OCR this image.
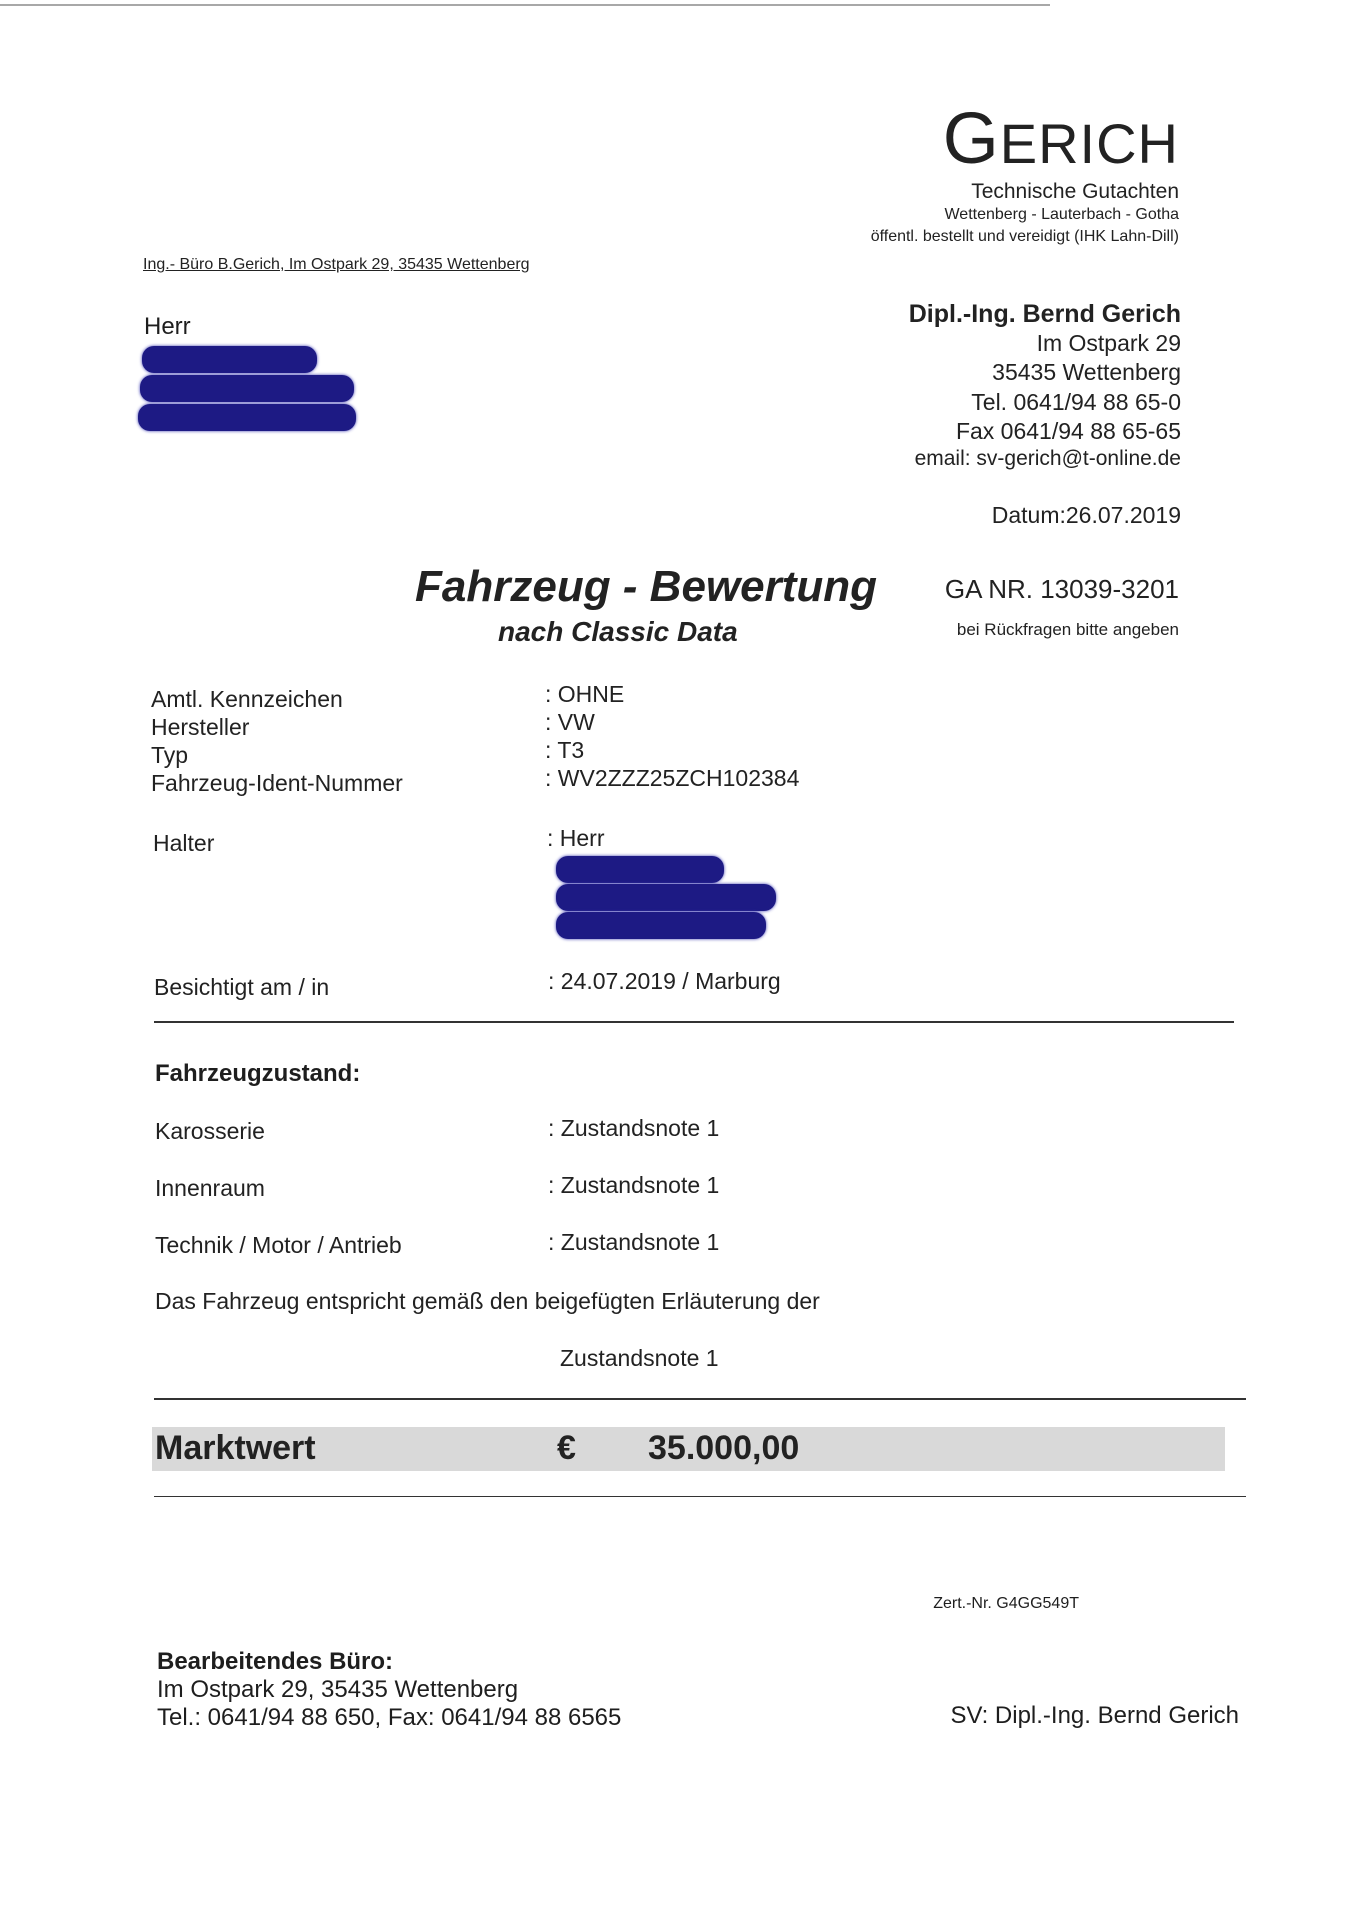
GERICH
Technische Gutachten
Wettenberg - Lauterbach - Gotha
öffentl. bestellt und vereidigt (IHK Lahn-Dill)
Ing.- Büro B.Gerich, Im Ostpark 29, 35435 Wettenberg
Herr	Dipl.-Ing. Bernd Gerich
Im Ostpark 29
35435 Wettenberg
Tel. 0641/94 88 65-0
Fax 0641/94 88 65-65
email: sv-gerich@t-online.de
Datum:26.07.2019
Fahrzeug - Bewertung
nach Classic Data
GA NR. 13039-3201
bei Rückfragen bitte angeben
Amtl. Kennzeichen	: OHNE
Hersteller	: VW
Typ	: T3
Fahrzeug-Ident-Nummer	: WV2ZZZ25ZCH102384
Halter	: Herr
Besichtigt am / in	: 24.07.2019 / Marburg
Fahrzeugzustand:
Karosserie	: Zustandsnote 1
Innenraum	: Zustandsnote 1
Technik / Motor / Antrieb	: Zustandsnote 1
Das Fahrzeug entspricht gemäß den beigefügten Erläuterung der
Zustandsnote 1
Marktwert	€ 35.000,00
Zert.-Nr. G4GG549T
Bearbeitendes Büro:
Im Ostpark 29, 35435 Wettenberg
Tel.: 0641/94 88 650, Fax: 0641/94 88 6565	SV: Dipl.-Ing. Bernd Gerich
